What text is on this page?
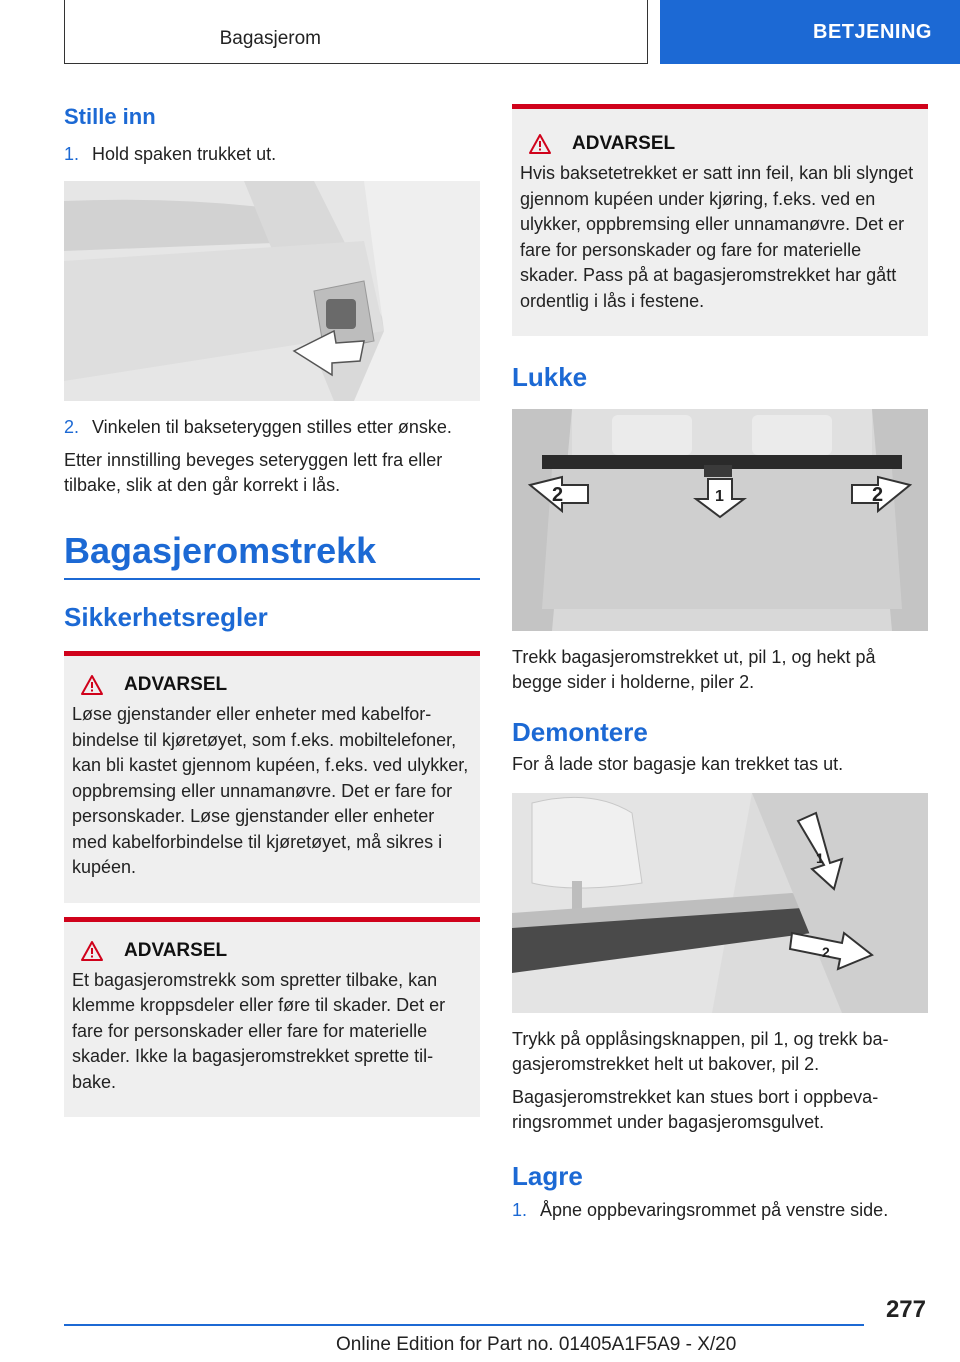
Bagasjerom	BETJENING
Stille inn
1. Hold spaken trukket ut.
2. Vinkelen til bakseteryggen stilles etter ønske.

Etter innstilling beveges seteryggen lett fra eller tilbake, slik at den går korrekt i lås.

Bagasjeromstrekk
Sikkerhetsregler
ADVARSEL
Løse gjenstander eller enheter med kabelforbindelse til kjøretøyet, som f.eks. mobiltelefoner, kan bli kastet gjennom kupéen, f.eks. ved ulykker, oppbremsing eller unnamanøvre. Det er fare for personskader. Løse gjenstander eller enheter med kabelforbindelse til kjøretøyet, må sikres i kupéen.
ADVARSEL
Et bagasjeromstrekk som spretter tilbake, kan klemme kroppsdeler eller føre til skader. Det er fare for personskader eller fare for materielle skader. Ikke la bagasjeromstrekket sprette tilbake.
ADVARSEL
Hvis baksetetrekket er satt inn feil, kan bli slynget gjennom kupéen under kjøring, f.eks. ved en ulykker, oppbremsing eller unnamanøvre. Det er fare for personskader og fare for materielle skader. Pass på at bagasjeromstrekket har gått ordentlig i lås i festene.
Lukke
2	2
1

Trekk bagasjeromstrekket ut, pil 1, og hekt på begge sider i holderne, piler 2.

Demontere

For å lade stor bagasje kan trekket tas ut.

1
2

Trykk på opplåsingsknappen, pil 1, og trekk bagasjeromstrekket helt ut bakover, pil 2.

Bagasjeromstrekket kan stues bort i oppbevaringsrommet under bagasjeromsgulvet.

Lagre
1. Åpne oppbevaringsrommet på venstre side.
277
Online Edition for Part no. 01405A1F5A9 - X/20
